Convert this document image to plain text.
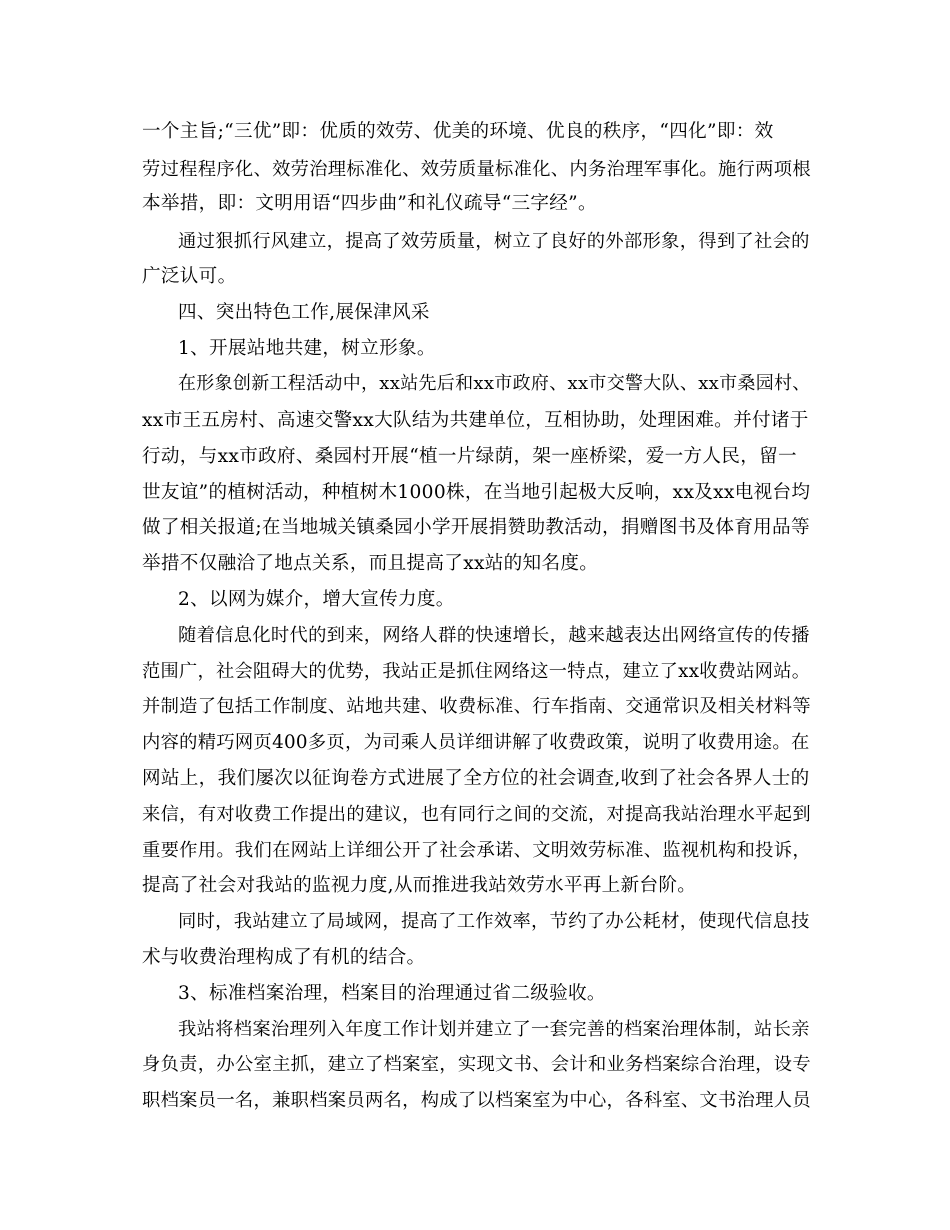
一个主旨;“三优”即：优质的效劳、优美的环境、优良的秩序，“四化”即：效
劳过程程序化、效劳治理标准化、效劳质量标准化、内务治理军事化。施行两项根
本举措，即：文明用语“四步曲”和礼仪疏导“三字经”。
通过狠抓行风建立，提高了效劳质量，树立了良好的外部形象，得到了社会的
广泛认可。
四、突出特色工作,展保津风采
1、开展站地共建，树立形象。
在形象创新工程活动中，xx站先后和xx市政府、xx市交警大队、xx市桑园村、
xx市王五房村、高速交警xx大队结为共建单位，互相协助，处理困难。并付诸于
行动，与xx市政府、桑园村开展“植一片绿荫，架一座桥梁，爱一方人民，留一
世友谊”的植树活动，种植树木1000株，在当地引起极大反响，xx及xx电视台均
做了相关报道;在当地城关镇桑园小学开展捐赞助教活动，捐赠图书及体育用品等
举措不仅融洽了地点关系，而且提高了xx站的知名度。
2、以网为媒介，增大宣传力度。
随着信息化时代的到来，网络人群的快速增长，越来越表达出网络宣传的传播
范围广，社会阻碍大的优势，我站正是抓住网络这一特点，建立了xx收费站网站。
并制造了包括工作制度、站地共建、收费标准、行车指南、交通常识及相关材料等
内容的精巧网页400多页，为司乘人员详细讲解了收费政策，说明了收费用途。在
网站上，我们屡次以征询卷方式进展了全方位的社会调查,收到了社会各界人士的
来信，有对收费工作提出的建议，也有同行之间的交流，对提高我站治理水平起到
重要作用。我们在网站上详细公开了社会承诺、文明效劳标准、监视机构和投诉，
提高了社会对我站的监视力度,从而推进我站效劳水平再上新台阶。
同时，我站建立了局域网，提高了工作效率，节约了办公耗材，使现代信息技
术与收费治理构成了有机的结合。
3、标准档案治理，档案目的治理通过省二级验收。
我站将档案治理列入年度工作计划并建立了一套完善的档案治理体制，站长亲
身负责，办公室主抓，建立了档案室，实现文书、会计和业务档案综合治理，设专
职档案员一名，兼职档案员两名，构成了以档案室为中心，各科室、文书治理人员
